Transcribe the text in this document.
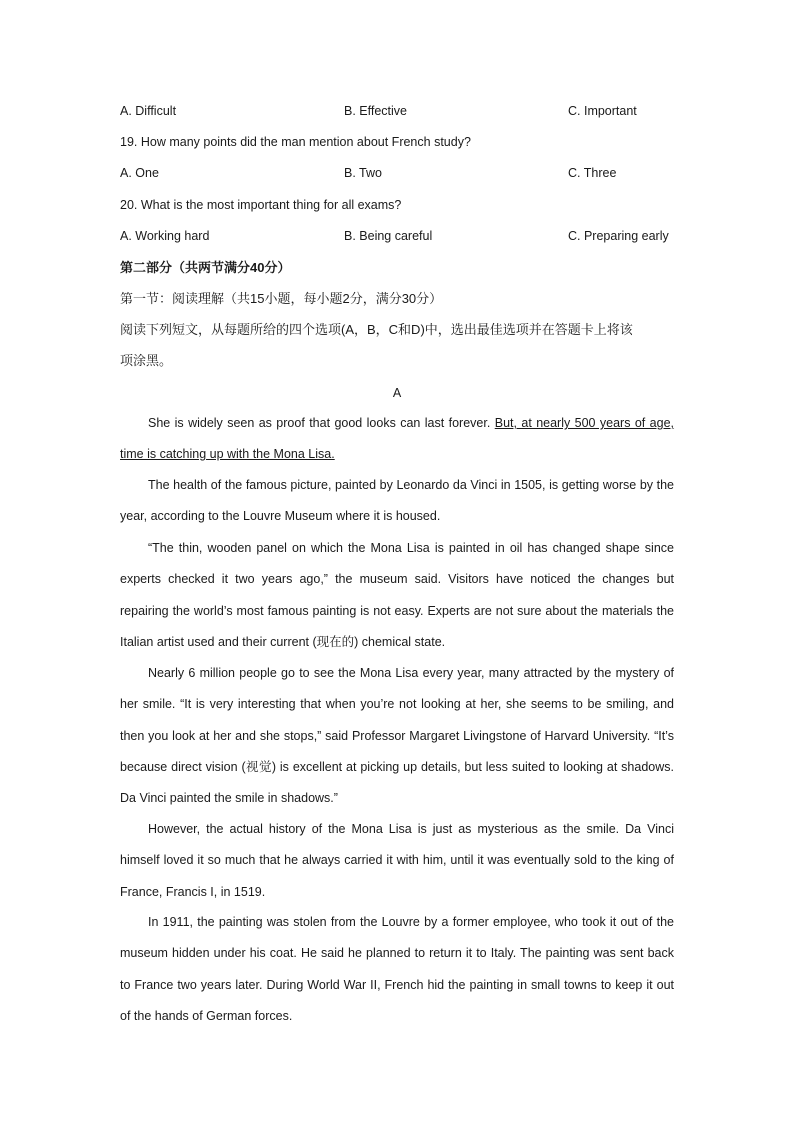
A. Difficult	B. Effective	C. Important
19. How many points did the man mention about French study?
A. One	B. Two	C. Three
20. What is the most important thing for all exams?
A. Working hard	B. Being careful	C. Preparing early
第二部分（共两节满分40分）
第一节：阅读理解（共15小题，每小题2分，满分30分）
阅读下列短文，从每题所给的四个选项(A，B，C和D)中，选出最佳选项并在答题卡上将该
项涂黑。
A
She is widely seen as proof that good looks can last forever. But, at nearly 500 years of age, time is catching up with the Mona Lisa.
The health of the famous picture, painted by Leonardo da Vinci in 1505, is getting worse by the year, according to the Louvre Museum where it is housed.
“The thin, wooden panel on which the Mona Lisa is painted in oil has changed shape since experts checked it two years ago,” the museum said. Visitors have noticed the changes but repairing the world’s most famous painting is not easy. Experts are not sure about the materials the Italian artist used and their current (现在的) chemical state.
Nearly 6 million people go to see the Mona Lisa every year, many attracted by the mystery of her smile. “It is very interesting that when you’re not looking at her, she seems to be smiling, and then you look at her and she stops,” said Professor Margaret Livingstone of Harvard University. “It’s because direct vision (视觉) is excellent at picking up details, but less suited to looking at shadows. Da Vinci painted the smile in shadows.”
However, the actual history of the Mona Lisa is just as mysterious as the smile. Da Vinci himself loved it so much that he always carried it with him, until it was eventually sold to the king of France, Francis I, in 1519.
In 1911, the painting was stolen from the Louvre by a former employee, who took it out of the museum hidden under his coat. He said he planned to return it to Italy. The painting was sent back to France two years later. During World War II, French hid the painting in small towns to keep it out of the hands of German forces.
